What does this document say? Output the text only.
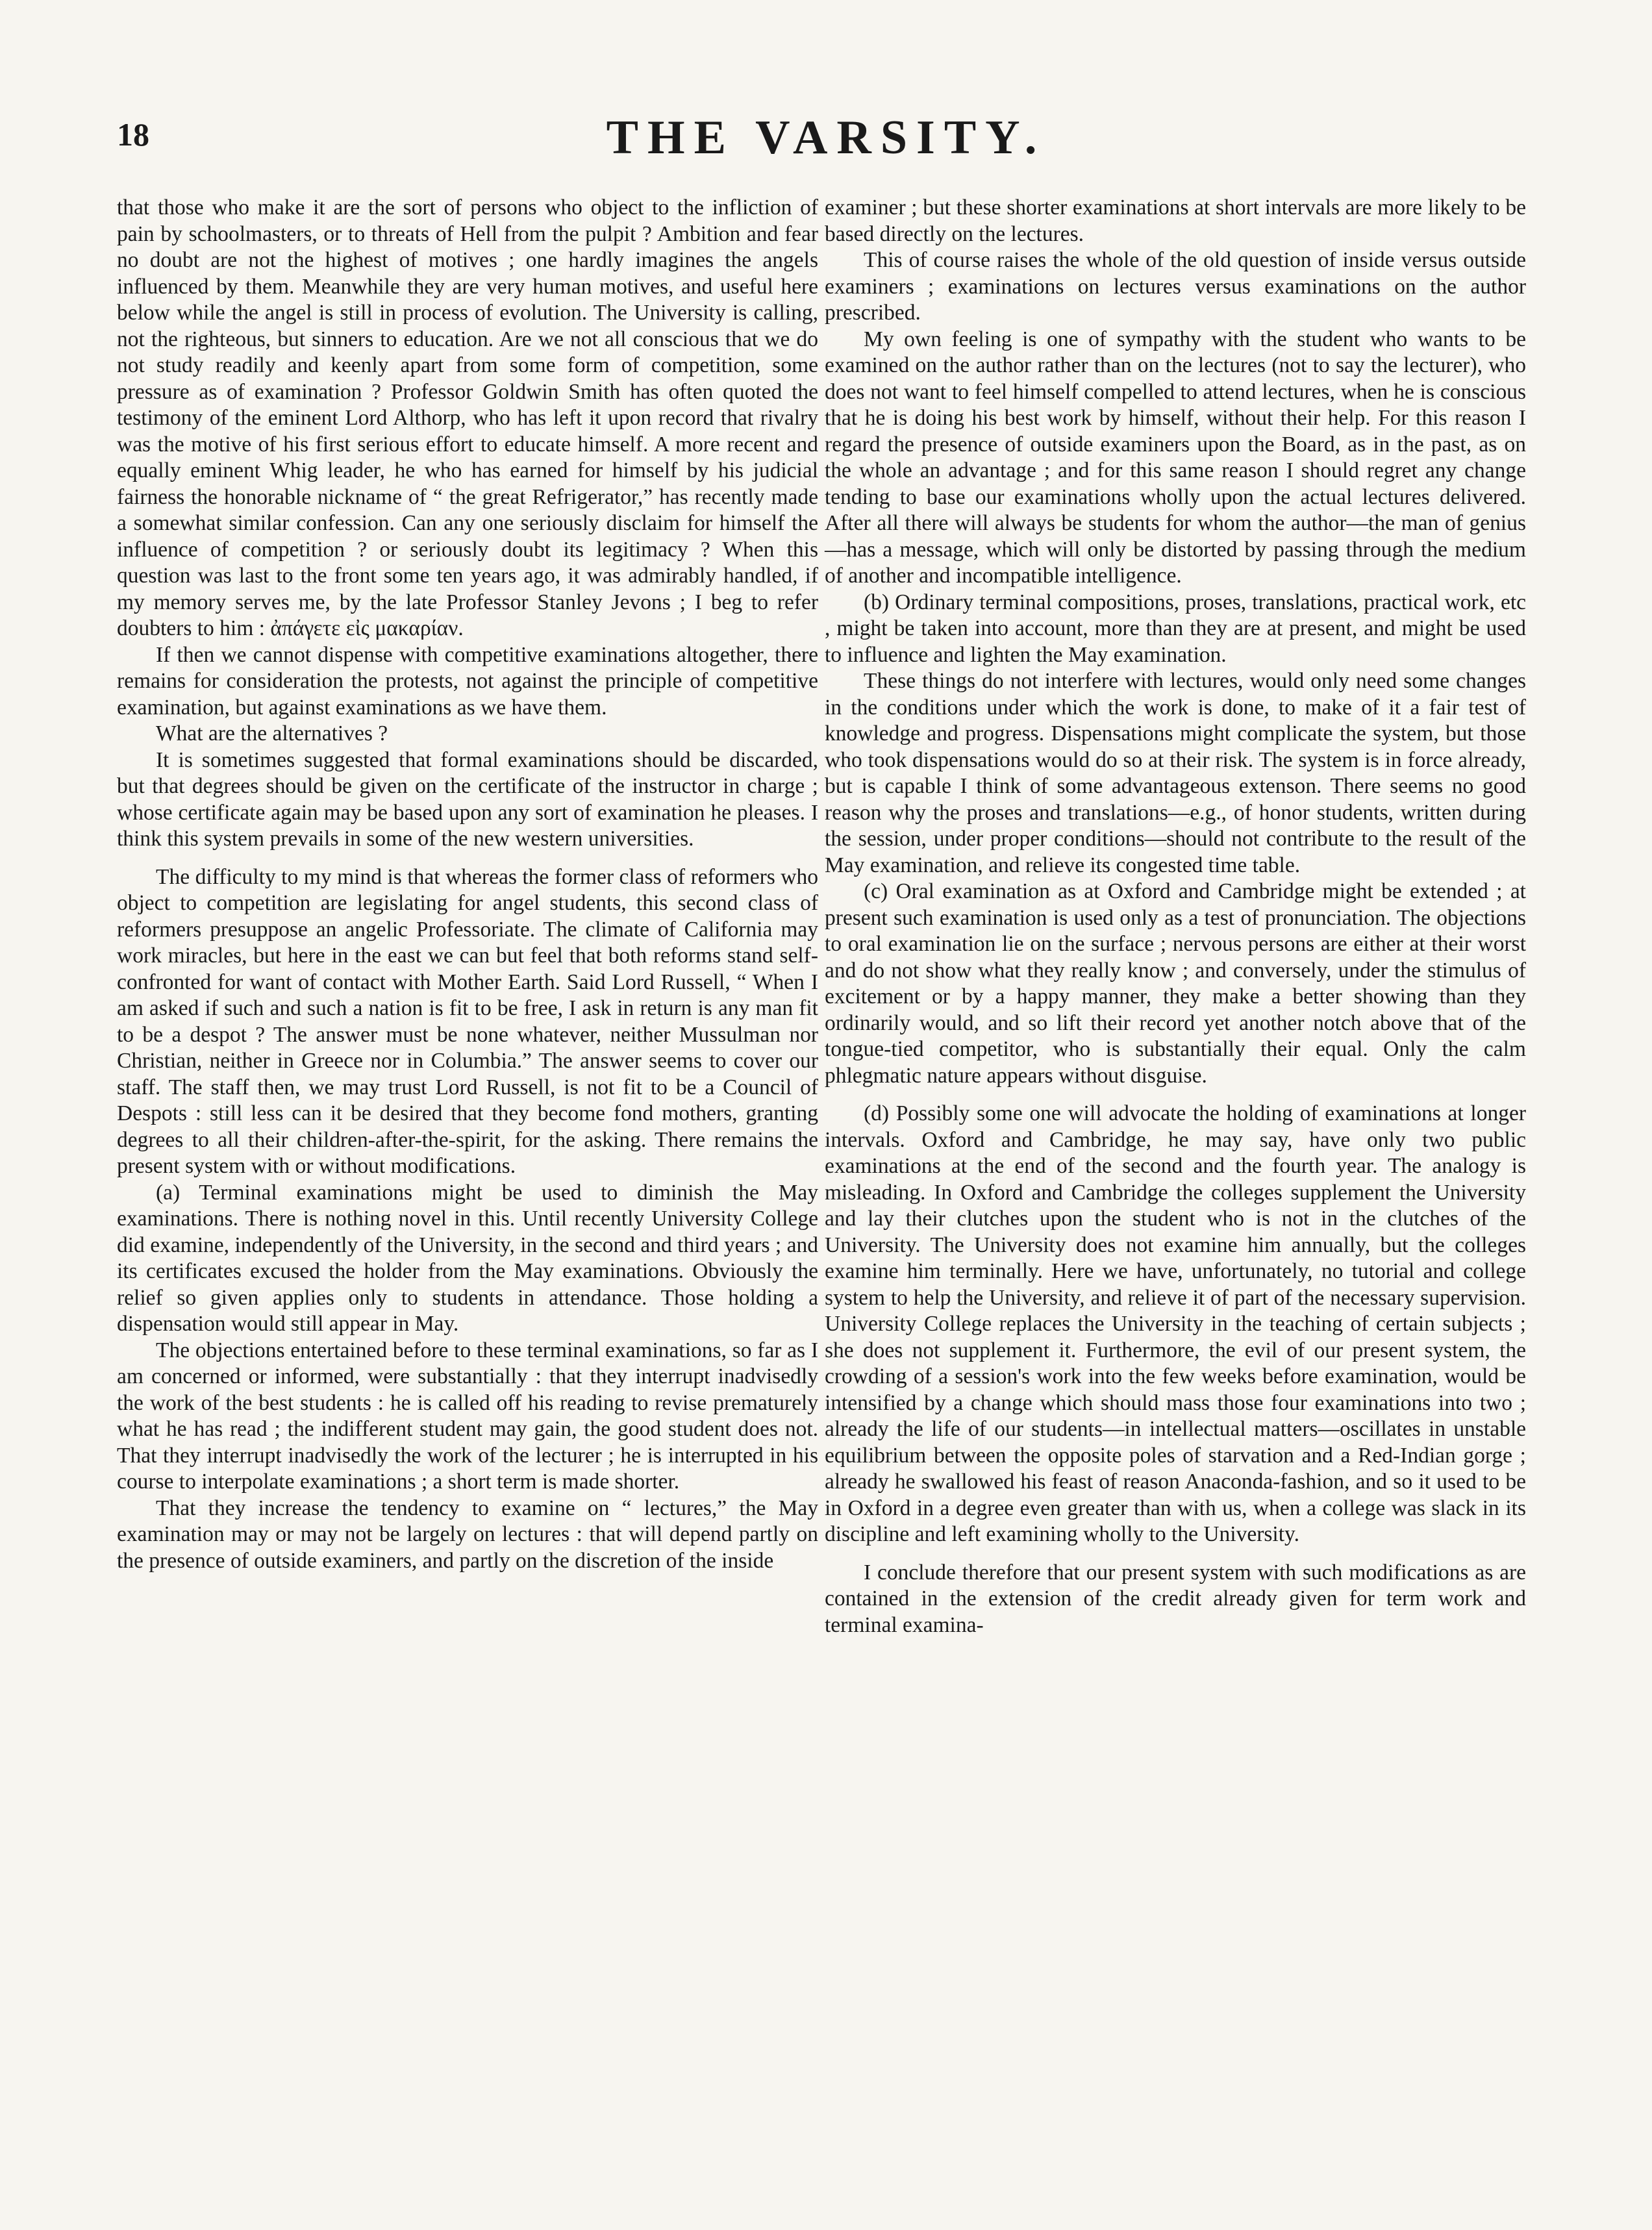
18	THE VARSITY.

that those who make it are the sort of persons who object to the infliction of pain by schoolmasters, or to threats of Hell from the pulpit ? Ambition and fear no doubt are not the highest of motives ; one hardly imagines the angels influenced by them. Meanwhile they are very human motives, and useful here below while the angel is still in process of evolution. The University is calling, not the righteous, but sinners to education. Are we not all conscious that we do not study readily and keenly apart from some form of competition, some pressure as of examination ? Professor Goldwin Smith has often quoted the testimony of the eminent Lord Althorp, who has left it upon record that rivalry was the motive of his first serious effort to educate himself. A more recent and equally eminent Whig leader, he who has earned for himself by his judicial fairness the honorable nickname of “ the great Refrigerator,” has recently made a somewhat similar confession. Can any one seriously disclaim for himself the influence of competition ? or seriously doubt its legitimacy ? When this question was last to the front some ten years ago, it was admirably handled, if my memory serves me, by the late Professor Stanley Jevons ; I beg to refer doubters to him : ἀπάγετε εἰς μακαρίαν.

If then we cannot dispense with competitive examinations altogether, there remains for consideration the protests, not against the principle of competitive examination, but against examinations as we have them.

What are the alternatives ?

It is sometimes suggested that formal examinations should be discarded, but that degrees should be given on the certificate of the instructor in charge ; whose certificate again may be based upon any sort of examination he pleases. I think this system prevails in some of the new western universities.

The difficulty to my mind is that whereas the former class of reformers who object to competition are legislating for angel students, this second class of reformers presuppose an angelic Professoriate. The climate of California may work miracles, but here in the east we can but feel that both reforms stand self-confronted for want of contact with Mother Earth. Said Lord Russell, “ When I am asked if such and such a nation is fit to be free, I ask in return is any man fit to be a despot ? The answer must be none whatever, neither Mussulman nor Christian, neither in Greece nor in Columbia.” The answer seems to cover our staff. The staff then, we may trust Lord Russell, is not fit to be a Council of Despots : still less can it be desired that they become fond mothers, granting degrees to all their children-after-the-spirit, for the asking. There remains the present system with or without modifications.

(a) Terminal examinations might be used to diminish the May examinations. There is nothing novel in this. Until recently University College did examine, independently of the University, in the second and third years ; and its certificates excused the holder from the May examinations. Obviously the relief so given applies only to students in attendance. Those holding a dispensation would still appear in May.

The objections entertained before to these terminal examinations, so far as I am concerned or informed, were substantially : that they interrupt inadvisedly the work of the best students : he is called off his reading to revise prematurely what he has read ; the indifferent student may gain, the good student does not. That they interrupt inadvisedly the work of the lecturer ; he is interrupted in his course to interpolate examinations ; a short term is made shorter.

That they increase the tendency to examine on “ lectures,” the May examination may or may not be largely on lectures : that will depend partly on the presence of outside examiners, and partly on the discretion of the inside

examiner ; but these shorter examinations at short intervals are more likely to be based directly on the lectures.

This of course raises the whole of the old question of inside versus outside examiners ; examinations on lectures versus examinations on the author prescribed.

My own feeling is one of sympathy with the student who wants to be examined on the author rather than on the lectures (not to say the lecturer), who does not want to feel himself compelled to attend lectures, when he is conscious that he is doing his best work by himself, without their help. For this reason I regard the presence of outside examiners upon the Board, as in the past, as on the whole an advantage ; and for this same reason I should regret any change tending to base our examinations wholly upon the actual lectures delivered. After all there will always be students for whom the author—the man of genius—has a message, which will only be distorted by passing through the medium of another and incompatible intelligence.

(b) Ordinary terminal compositions, proses, translations, practical work, etc , might be taken into account, more than they are at present, and might be used to influence and lighten the May examination.

These things do not interfere with lectures, would only need some changes in the conditions under which the work is done, to make of it a fair test of knowledge and progress. Dispensations might complicate the system, but those who took dispensations would do so at their risk. The system is in force already, but is capable I think of some advantageous extenson. There seems no good reason why the proses and translations—e.g., of honor students, written during the session, under proper conditions—should not contribute to the result of the May examination, and relieve its congested time table.

(c) Oral examination as at Oxford and Cambridge might be extended ; at present such examination is used only as a test of pronunciation. The objections to oral examination lie on the surface ; nervous persons are either at their worst and do not show what they really know ; and conversely, under the stimulus of excitement or by a happy manner, they make a better showing than they ordinarily would, and so lift their record yet another notch above that of the tongue-tied competitor, who is substantially their equal. Only the calm phlegmatic nature appears without disguise.

(d) Possibly some one will advocate the holding of examinations at longer intervals. Oxford and Cambridge, he may say, have only two public examinations at the end of the second and the fourth year. The analogy is misleading. In Oxford and Cambridge the colleges supplement the University and lay their clutches upon the student who is not in the clutches of the University. The University does not examine him annually, but the colleges examine him terminally. Here we have, unfortunately, no tutorial and college system to help the University, and relieve it of part of the necessary supervision. University College replaces the University in the teaching of certain subjects ; she does not supplement it. Furthermore, the evil of our present system, the crowding of a session's work into the few weeks before examination, would be intensified by a change which should mass those four examinations into two ; already the life of our students—in intellectual matters—oscillates in unstable equilibrium between the opposite poles of starvation and a Red-Indian gorge ; already he swallowed his feast of reason Anaconda-fashion, and so it used to be in Oxford in a degree even greater than with us, when a college was slack in its discipline and left examining wholly to the University.

I conclude therefore that our present system with such modifications as are contained in the extension of the credit already given for term work and terminal examina-
